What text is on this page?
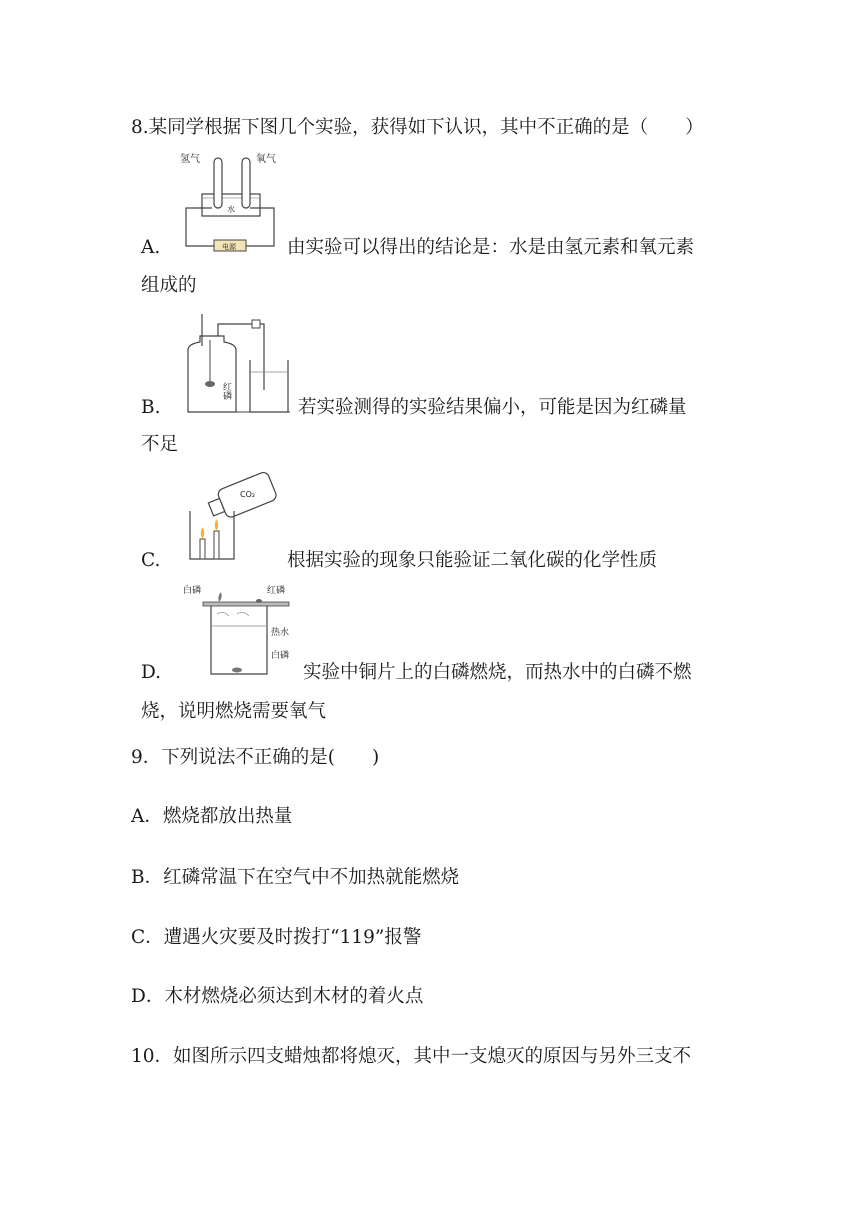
8.某同学根据下图几个实验，获得如下认识，其中不正确的是（　　）
氢气	氧气
水
电源
A.	由实验可以得出的结论是：水是由氢元素和氧元素
组成的
红磷
B.	若实验测得的实验结果偏小，可能是因为红磷量
不足
CO₂
C.	根据实验的现象只能验证二氧化碳的化学性质
白磷	红磷
热水
白磷
D.	实验中铜片上的白磷燃烧，而热水中的白磷不燃
烧，说明燃烧需要氧气
9．下列说法不正确的是(　　)
A．燃烧都放出热量
B．红磷常温下在空气中不加热就能燃烧
C．遭遇火灾要及时拨打“119”报警
D．木材燃烧必须达到木材的着火点
10．如图所示四支蜡烛都将熄灭，其中一支熄灭的原因与另外三支不
